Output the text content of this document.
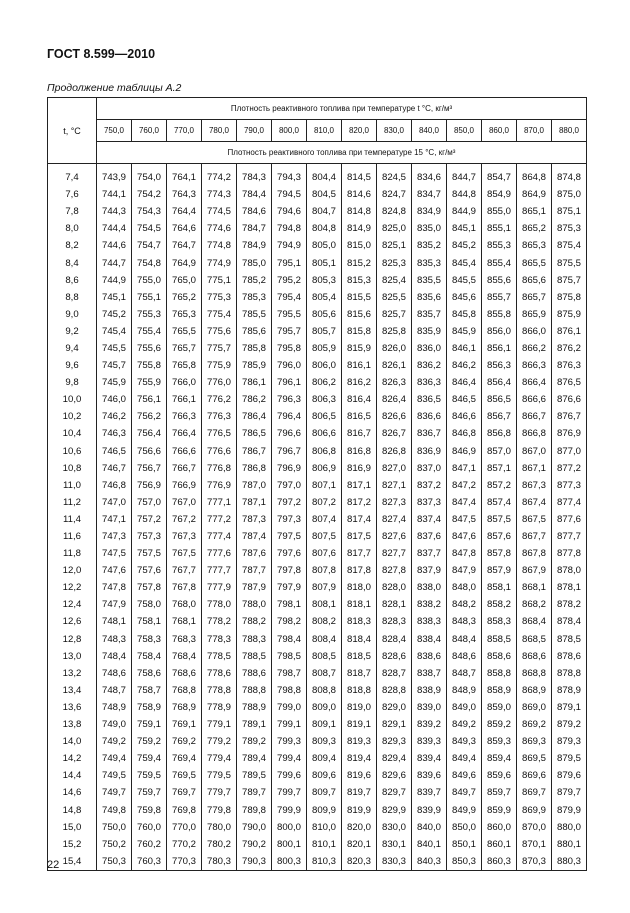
ГОСТ 8.599—2010
Продолжение таблицы А.2
t, °С	Плотность реактивного топлива при температуре t °С, кг/м³													
	750,0	760,0	770,0	780,0	790,0	800,0	810,0	820,0	830,0	840,0	850,0	860,0	870,0	880,0
	Плотность реактивного топлива при температуре 15 °С, кг/м³													
7,4	743,9	754,0	764,1	774,2	784,3	794,3	804,4	814,5	824,5	834,6	844,7	854,7	864,8	874,8
7,6	744,1	754,2	764,3	774,3	784,4	794,5	804,5	814,6	824,7	834,7	844,8	854,9	864,9	875,0
7,8	744,3	754,3	764,4	774,5	784,6	794,6	804,7	814,8	824,8	834,9	844,9	855,0	865,1	875,1
8,0	744,4	754,5	764,6	774,6	784,7	794,8	804,8	814,9	825,0	835,0	845,1	855,1	865,2	875,3
8,2	744,6	754,7	764,7	774,8	784,9	794,9	805,0	815,0	825,1	835,2	845,2	855,3	865,3	875,4
8,4	744,7	754,8	764,9	774,9	785,0	795,1	805,1	815,2	825,3	835,3	845,4	855,4	865,5	875,5
8,6	744,9	755,0	765,0	775,1	785,2	795,2	805,3	815,3	825,4	835,5	845,5	855,6	865,6	875,7
8,8	745,1	755,1	765,2	775,3	785,3	795,4	805,4	815,5	825,5	835,6	845,6	855,7	865,7	875,8
9,0	745,2	755,3	765,3	775,4	785,5	795,5	805,6	815,6	825,7	835,7	845,8	855,8	865,9	875,9
9,2	745,4	755,4	765,5	775,6	785,6	795,7	805,7	815,8	825,8	835,9	845,9	856,0	866,0	876,1
9,4	745,5	755,6	765,7	775,7	785,8	795,8	805,9	815,9	826,0	836,0	846,1	856,1	866,2	876,2
9,6	745,7	755,8	765,8	775,9	785,9	796,0	806,0	816,1	826,1	836,2	846,2	856,3	866,3	876,3
9,8	745,9	755,9	766,0	776,0	786,1	796,1	806,2	816,2	826,3	836,3	846,4	856,4	866,4	876,5
10,0	746,0	756,1	766,1	776,2	786,2	796,3	806,3	816,4	826,4	836,5	846,5	856,5	866,6	876,6
10,2	746,2	756,2	766,3	776,3	786,4	796,4	806,5	816,5	826,6	836,6	846,6	856,7	866,7	876,7
10,4	746,3	756,4	766,4	776,5	786,5	796,6	806,6	816,7	826,7	836,7	846,8	856,8	866,8	876,9
10,6	746,5	756,6	766,6	776,6	786,7	796,7	806,8	816,8	826,8	836,9	846,9	857,0	867,0	877,0
10,8	746,7	756,7	766,7	776,8	786,8	796,9	806,9	816,9	827,0	837,0	847,1	857,1	867,1	877,2
11,0	746,8	756,9	766,9	776,9	787,0	797,0	807,1	817,1	827,1	837,2	847,2	857,2	867,3	877,3
11,2	747,0	757,0	767,0	777,1	787,1	797,2	807,2	817,2	827,3	837,3	847,4	857,4	867,4	877,4
11,4	747,1	757,2	767,2	777,2	787,3	797,3	807,4	817,4	827,4	837,4	847,5	857,5	867,5	877,6
11,6	747,3	757,3	767,3	777,4	787,4	797,5	807,5	817,5	827,6	837,6	847,6	857,6	867,7	877,7
11,8	747,5	757,5	767,5	777,6	787,6	797,6	807,6	817,7	827,7	837,7	847,8	857,8	867,8	877,8
12,0	747,6	757,6	767,7	777,7	787,7	797,8	807,8	817,8	827,8	837,9	847,9	857,9	867,9	878,0
12,2	747,8	757,8	767,8	777,9	787,9	797,9	807,9	818,0	828,0	838,0	848,0	858,1	868,1	878,1
12,4	747,9	758,0	768,0	778,0	788,0	798,1	808,1	818,1	828,1	838,2	848,2	858,2	868,2	878,2
12,6	748,1	758,1	768,1	778,2	788,2	798,2	808,2	818,3	828,3	838,3	848,3	858,3	868,4	878,4
12,8	748,3	758,3	768,3	778,3	788,3	798,4	808,4	818,4	828,4	838,4	848,4	858,5	868,5	878,5
13,0	748,4	758,4	768,4	778,5	788,5	798,5	808,5	818,5	828,6	838,6	848,6	858,6	868,6	878,6
13,2	748,6	758,6	768,6	778,6	788,6	798,7	808,7	818,7	828,7	838,7	848,7	858,8	868,8	878,8
13,4	748,7	758,7	768,8	778,8	788,8	798,8	808,8	818,8	828,8	838,9	848,9	858,9	868,9	878,9
13,6	748,9	758,9	768,9	778,9	788,9	799,0	809,0	819,0	829,0	839,0	849,0	859,0	869,0	879,1
13,8	749,0	759,1	769,1	779,1	789,1	799,1	809,1	819,1	829,1	839,2	849,2	859,2	869,2	879,2
14,0	749,2	759,2	769,2	779,2	789,2	799,3	809,3	819,3	829,3	839,3	849,3	859,3	869,3	879,3
14,2	749,4	759,4	769,4	779,4	789,4	799,4	809,4	819,4	829,4	839,4	849,4	859,4	869,5	879,5
14,4	749,5	759,5	769,5	779,5	789,5	799,6	809,6	819,6	829,6	839,6	849,6	859,6	869,6	879,6
14,6	749,7	759,7	769,7	779,7	789,7	799,7	809,7	819,7	829,7	839,7	849,7	859,7	869,7	879,7
14,8	749,8	759,8	769,8	779,8	789,8	799,9	809,9	819,9	829,9	839,9	849,9	859,9	869,9	879,9
15,0	750,0	760,0	770,0	780,0	790,0	800,0	810,0	820,0	830,0	840,0	850,0	860,0	870,0	880,0
15,2	750,2	760,2	770,2	780,2	790,2	800,1	810,1	820,1	830,1	840,1	850,1	860,1	870,1	880,1
15,4	750,3	760,3	770,3	780,3	790,3	800,3	810,3	820,3	830,3	840,3	850,3	860,3	870,3	880,3
22
